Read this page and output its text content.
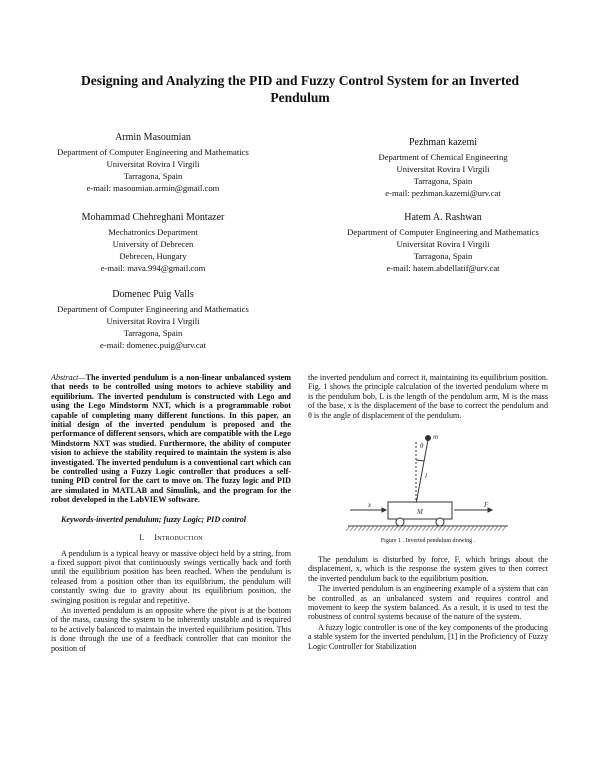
Designing and Analyzing the PID and Fuzzy Control System for an Inverted Pendulum
Armin Masoumian
Department of Computer Engineering and Mathematics
Universitat Rovira I Virgili
Tarragona, Spain
e-mail: masoumian.armin@gmail.com
Pezhman kazemi
Department of Chemical Engineering
Universitat Rovira I Virgili
Tarragona, Spain
e-mail: pezhman.kazemi@urv.cat
Mohammad Chehreghani Montazer
Mechatronics Department
University of Debrecen
Debrecen, Hungary
e-mail: mava.994@gmail.com
Hatem A. Rashwan
Department of Computer Engineering and Mathematics
Universitat Rovira I Virgili
Tarragona, Spain
e-mail: hatem.abdellatif@urv.cat
Domenec Puig Valls
Department of Computer Engineering and Mathematics
Universitat Rovira I Virgili
Tarragona, Spain
e-mail: domenec.puig@urv.cat
Abstract—The inverted pendulum is a non-linear unbalanced system that needs to be controlled using motors to achieve stability and equilibrium. The inverted pendulum is constructed with Lego and using the Lego Mindstorm NXT, which is a programmable robot capable of completing many different functions. In this paper, an initial design of the inverted pendulum is proposed and the performance of different sensors, which are compatible with the Lego Mindstorm NXT was studied. Furthermore, the ability of computer vision to achieve the stability required to maintain the system is also investigated. The inverted pendulum is a conventional cart which can be controlled using a Fuzzy Logic controller that produces a self-tuning PID control for the cart to move on. The fuzzy logic and PID are simulated in MATLAB and Simulink, and the program for the robot developed in the LabVIEW software.
Keywords-inverted pendulum; fuzzy Logic; PID control
I. Introduction

A pendulum is a typical heavy or massive object held by a string, from a fixed support pivot that continuously swings vertically back and forth until the equilibrium position has been reached. When the pendulum is released from a position other than its equilibrium, the pendulum will constantly swing due to gravity about its equilibrium position, the swinging position is regular and repetitive.

An inverted pendulum is an opposite where the pivot is at the bottom of the mass, causing the system to be inherently unstable and is required to be actively balanced to maintain the inverted equilibrium position. This is done through the use of a feedback controller that can monitor the position of

the inverted pendulum and correct it, maintaining its equilibrium position. Fig. 1 shows the principle calculation of the inverted pendulum where m is the pendulum bob, L is the length of the pendulum arm, M is the mass of the base, x is the displacement of the base to correct the pendulum and θ is the angle of displacement of the pendulum.

θ
m
l
M
x	F
Figure 1 . Inverted pendulum drawing .

The pendulum is disturbed by force, F, which brings about the displacement, x, which is the response the system gives to then correct the inverted pendulum back to the equilibrium position.

The inverted pendulum is an engineering example of a system that can be controlled as an unbalanced system and requires control and movement to keep the system balanced. As a result, it is used to test the robustness of control systems because of the nature of the system.

A fuzzy logic controller is one of the key components of the producing a stable system for the inverted pendulum, [1] in the Proficiency of Fuzzy Logic Controller for Stabilization
